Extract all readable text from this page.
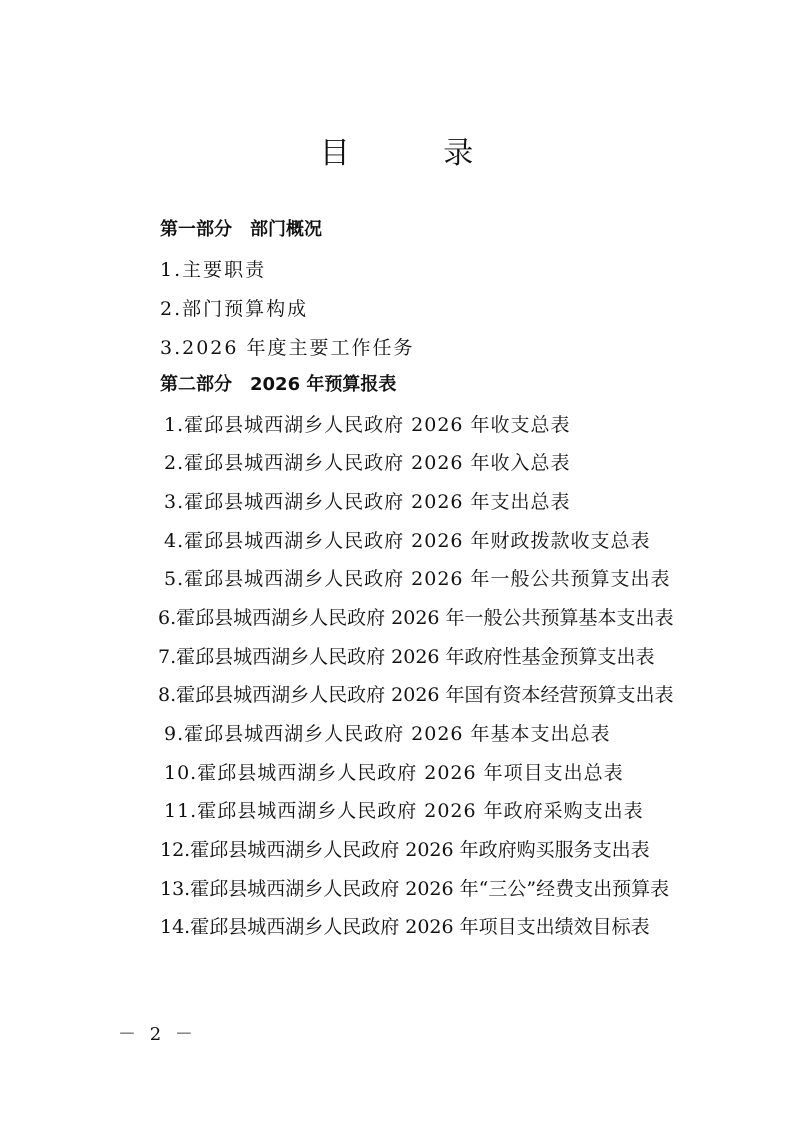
目 录
第一部分　部门概况
1.主要职责
2.部门预算构成
3.2026 年度主要工作任务
第二部分　2026 年预算报表
1.霍邱县城西湖乡人民政府 2026 年收支总表
2.霍邱县城西湖乡人民政府 2026 年收入总表
3.霍邱县城西湖乡人民政府 2026 年支出总表
4.霍邱县城西湖乡人民政府 2026 年财政拨款收支总表
5.霍邱县城西湖乡人民政府 2026 年一般公共预算支出表
6.霍邱县城西湖乡人民政府 2026 年一般公共预算基本支出表
7.霍邱县城西湖乡人民政府 2026 年政府性基金预算支出表
8.霍邱县城西湖乡人民政府 2026 年国有资本经营预算支出表
9.霍邱县城西湖乡人民政府 2026 年基本支出总表
10.霍邱县城西湖乡人民政府 2026 年项目支出总表
11.霍邱县城西湖乡人民政府 2026 年政府采购支出表
12.霍邱县城西湖乡人民政府 2026 年政府购买服务支出表
13.霍邱县城西湖乡人民政府 2026 年“三公”经费支出预算表
14.霍邱县城西湖乡人民政府 2026 年项目支出绩效目标表
－ 2 －
